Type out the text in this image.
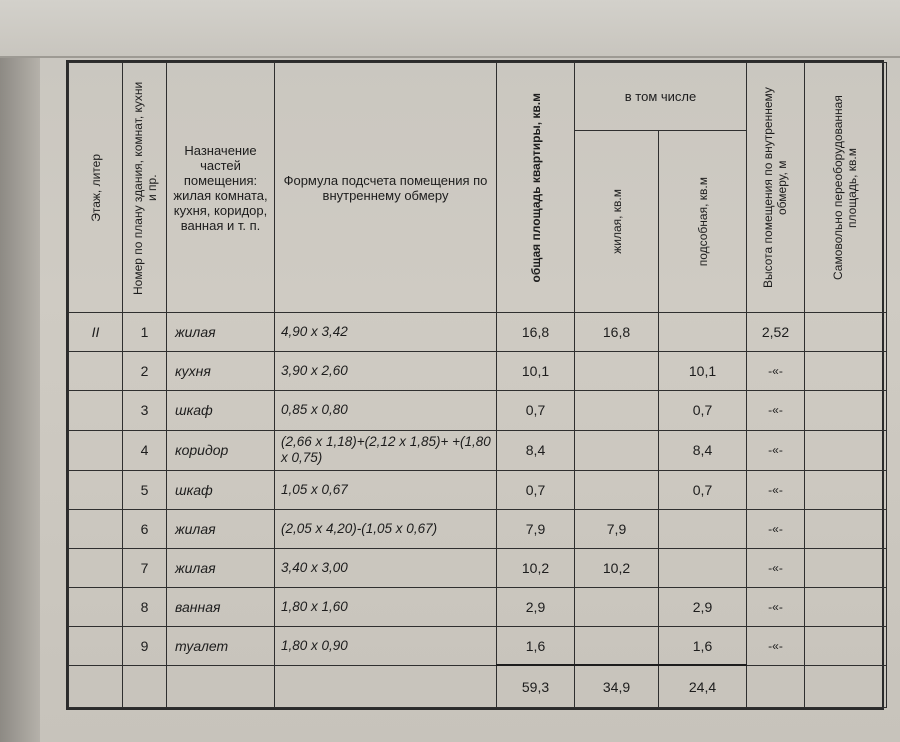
Этаж, литер	Номер по плану здания, комнат, кухни и пр.	Назначение частей помещения: жилая комната, кухня, коридор, ванная и т. п.	Формула подсчета помещения по внутреннему обмеру	общая площадь квартиры, кв.м	в том числе		Высота помещения по внутреннему обмеру, м	Самовольно переоборудованная площадь, кв.м

					жилая, кв.м	подсобная, кв.м		

II	1	жилая	4,90 x 3,42	16,8	16,8		2,52	
	2	кухня	3,90 x 2,60	10,1		10,1	-«-	
	3	шкаф	0,85 x 0,80	0,7		0,7	-«-	
	4	коридор	(2,66 x 1,18)+(2,12 x 1,85)+ +(1,80 x 0,75)	8,4		8,4	-«-	
	5	шкаф	1,05 x 0,67	0,7		0,7	-«-	
	6	жилая	(2,05 x 4,20)-(1,05 x 0,67)	7,9	7,9		-«-	
	7	жилая	3,40 x 3,00	10,2	10,2		-«-	
	8	ванная	1,80 x 1,60	2,9		2,9	-«-	
	9	туалет	1,80 x 0,90	1,6		1,6	-«-	
				59,3	34,9	24,4		
